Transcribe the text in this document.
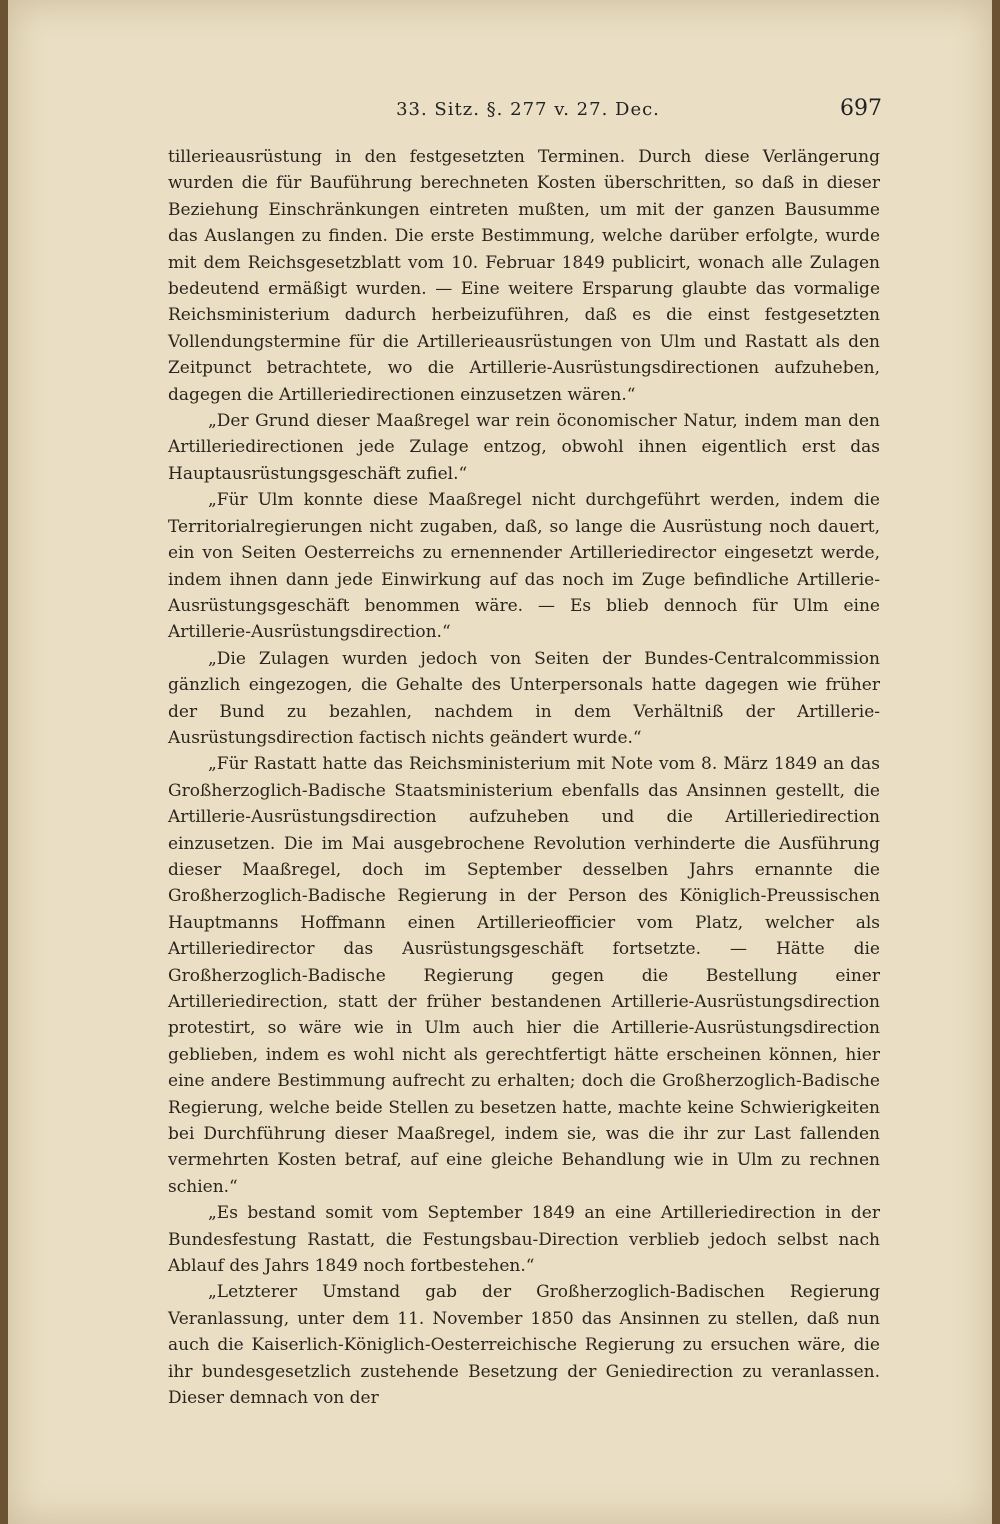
33. Sitz. §. 277 v. 27. Dec.	697

tillerieausrüstung in den festgesetzten Terminen. Durch diese Verlängerung wurden die für Bauführung berechneten Kosten überschritten, so daß in dieser Beziehung Einschränkungen eintreten mußten, um mit der ganzen Bausumme das Auslangen zu finden. Die erste Bestimmung, welche darüber erfolgte, wurde mit dem Reichsgesetzblatt vom 10. Februar 1849 publicirt, wonach alle Zulagen bedeutend ermäßigt wurden. — Eine weitere Ersparung glaubte das vormalige Reichsministerium dadurch herbeizuführen, daß es die einst festgesetzten Vollendungstermine für die Artillerieausrüstungen von Ulm und Rastatt als den Zeitpunct betrachtete, wo die Artillerie-Ausrüstungsdirectionen aufzuheben, dagegen die Artilleriedirectionen einzusetzen wären.“

„Der Grund dieser Maaßregel war rein öconomischer Natur, indem man den Artilleriedirectionen jede Zulage entzog, obwohl ihnen eigentlich erst das Hauptausrüstungsgeschäft zufiel.“

„Für Ulm konnte diese Maaßregel nicht durchgeführt werden, indem die Territorialregierungen nicht zugaben, daß, so lange die Ausrüstung noch dauert, ein von Seiten Oesterreichs zu ernennender Artilleriedirector eingesetzt werde, indem ihnen dann jede Einwirkung auf das noch im Zuge befindliche Artillerie-Ausrüstungsgeschäft benommen wäre. — Es blieb dennoch für Ulm eine Artillerie-Ausrüstungsdirection.“

„Die Zulagen wurden jedoch von Seiten der Bundes-Centralcommission gänzlich eingezogen, die Gehalte des Unterpersonals hatte dagegen wie früher der Bund zu bezahlen, nachdem in dem Verhältniß der Artillerie-Ausrüstungsdirection factisch nichts geändert wurde.“

„Für Rastatt hatte das Reichsministerium mit Note vom 8. März 1849 an das Großherzoglich-Badische Staatsministerium ebenfalls das Ansinnen gestellt, die Artillerie-Ausrüstungsdirection aufzuheben und die Artilleriedirection einzusetzen. Die im Mai ausgebrochene Revolution verhinderte die Ausführung dieser Maaßregel, doch im September desselben Jahrs ernannte die Großherzoglich-Badische Regierung in der Person des Königlich-Preussischen Hauptmanns Hoffmann einen Artillerieofficier vom Platz, welcher als Artilleriedirector das Ausrüstungsgeschäft fortsetzte. — Hätte die Großherzoglich-Badische Regierung gegen die Bestellung einer Artilleriedirection, statt der früher bestandenen Artillerie-Ausrüstungsdirection protestirt, so wäre wie in Ulm auch hier die Artillerie-Ausrüstungsdirection geblieben, indem es wohl nicht als gerechtfertigt hätte erscheinen können, hier eine andere Bestimmung aufrecht zu erhalten; doch die Großherzoglich-Badische Regierung, welche beide Stellen zu besetzen hatte, machte keine Schwierigkeiten bei Durchführung dieser Maaßregel, indem sie, was die ihr zur Last fallenden vermehrten Kosten betraf, auf eine gleiche Behandlung wie in Ulm zu rechnen schien.“

„Es bestand somit vom September 1849 an eine Artilleriedirection in der Bundesfestung Rastatt, die Festungsbau-Direction verblieb jedoch selbst nach Ablauf des Jahrs 1849 noch fortbestehen.“

„Letzterer Umstand gab der Großherzoglich-Badischen Regierung Veranlassung, unter dem 11. November 1850 das Ansinnen zu stellen, daß nun auch die Kaiserlich-Königlich-Oesterreichische Regierung zu ersuchen wäre, die ihr bundesgesetzlich zustehende Besetzung der Geniedirection zu veranlassen. Dieser demnach von der
